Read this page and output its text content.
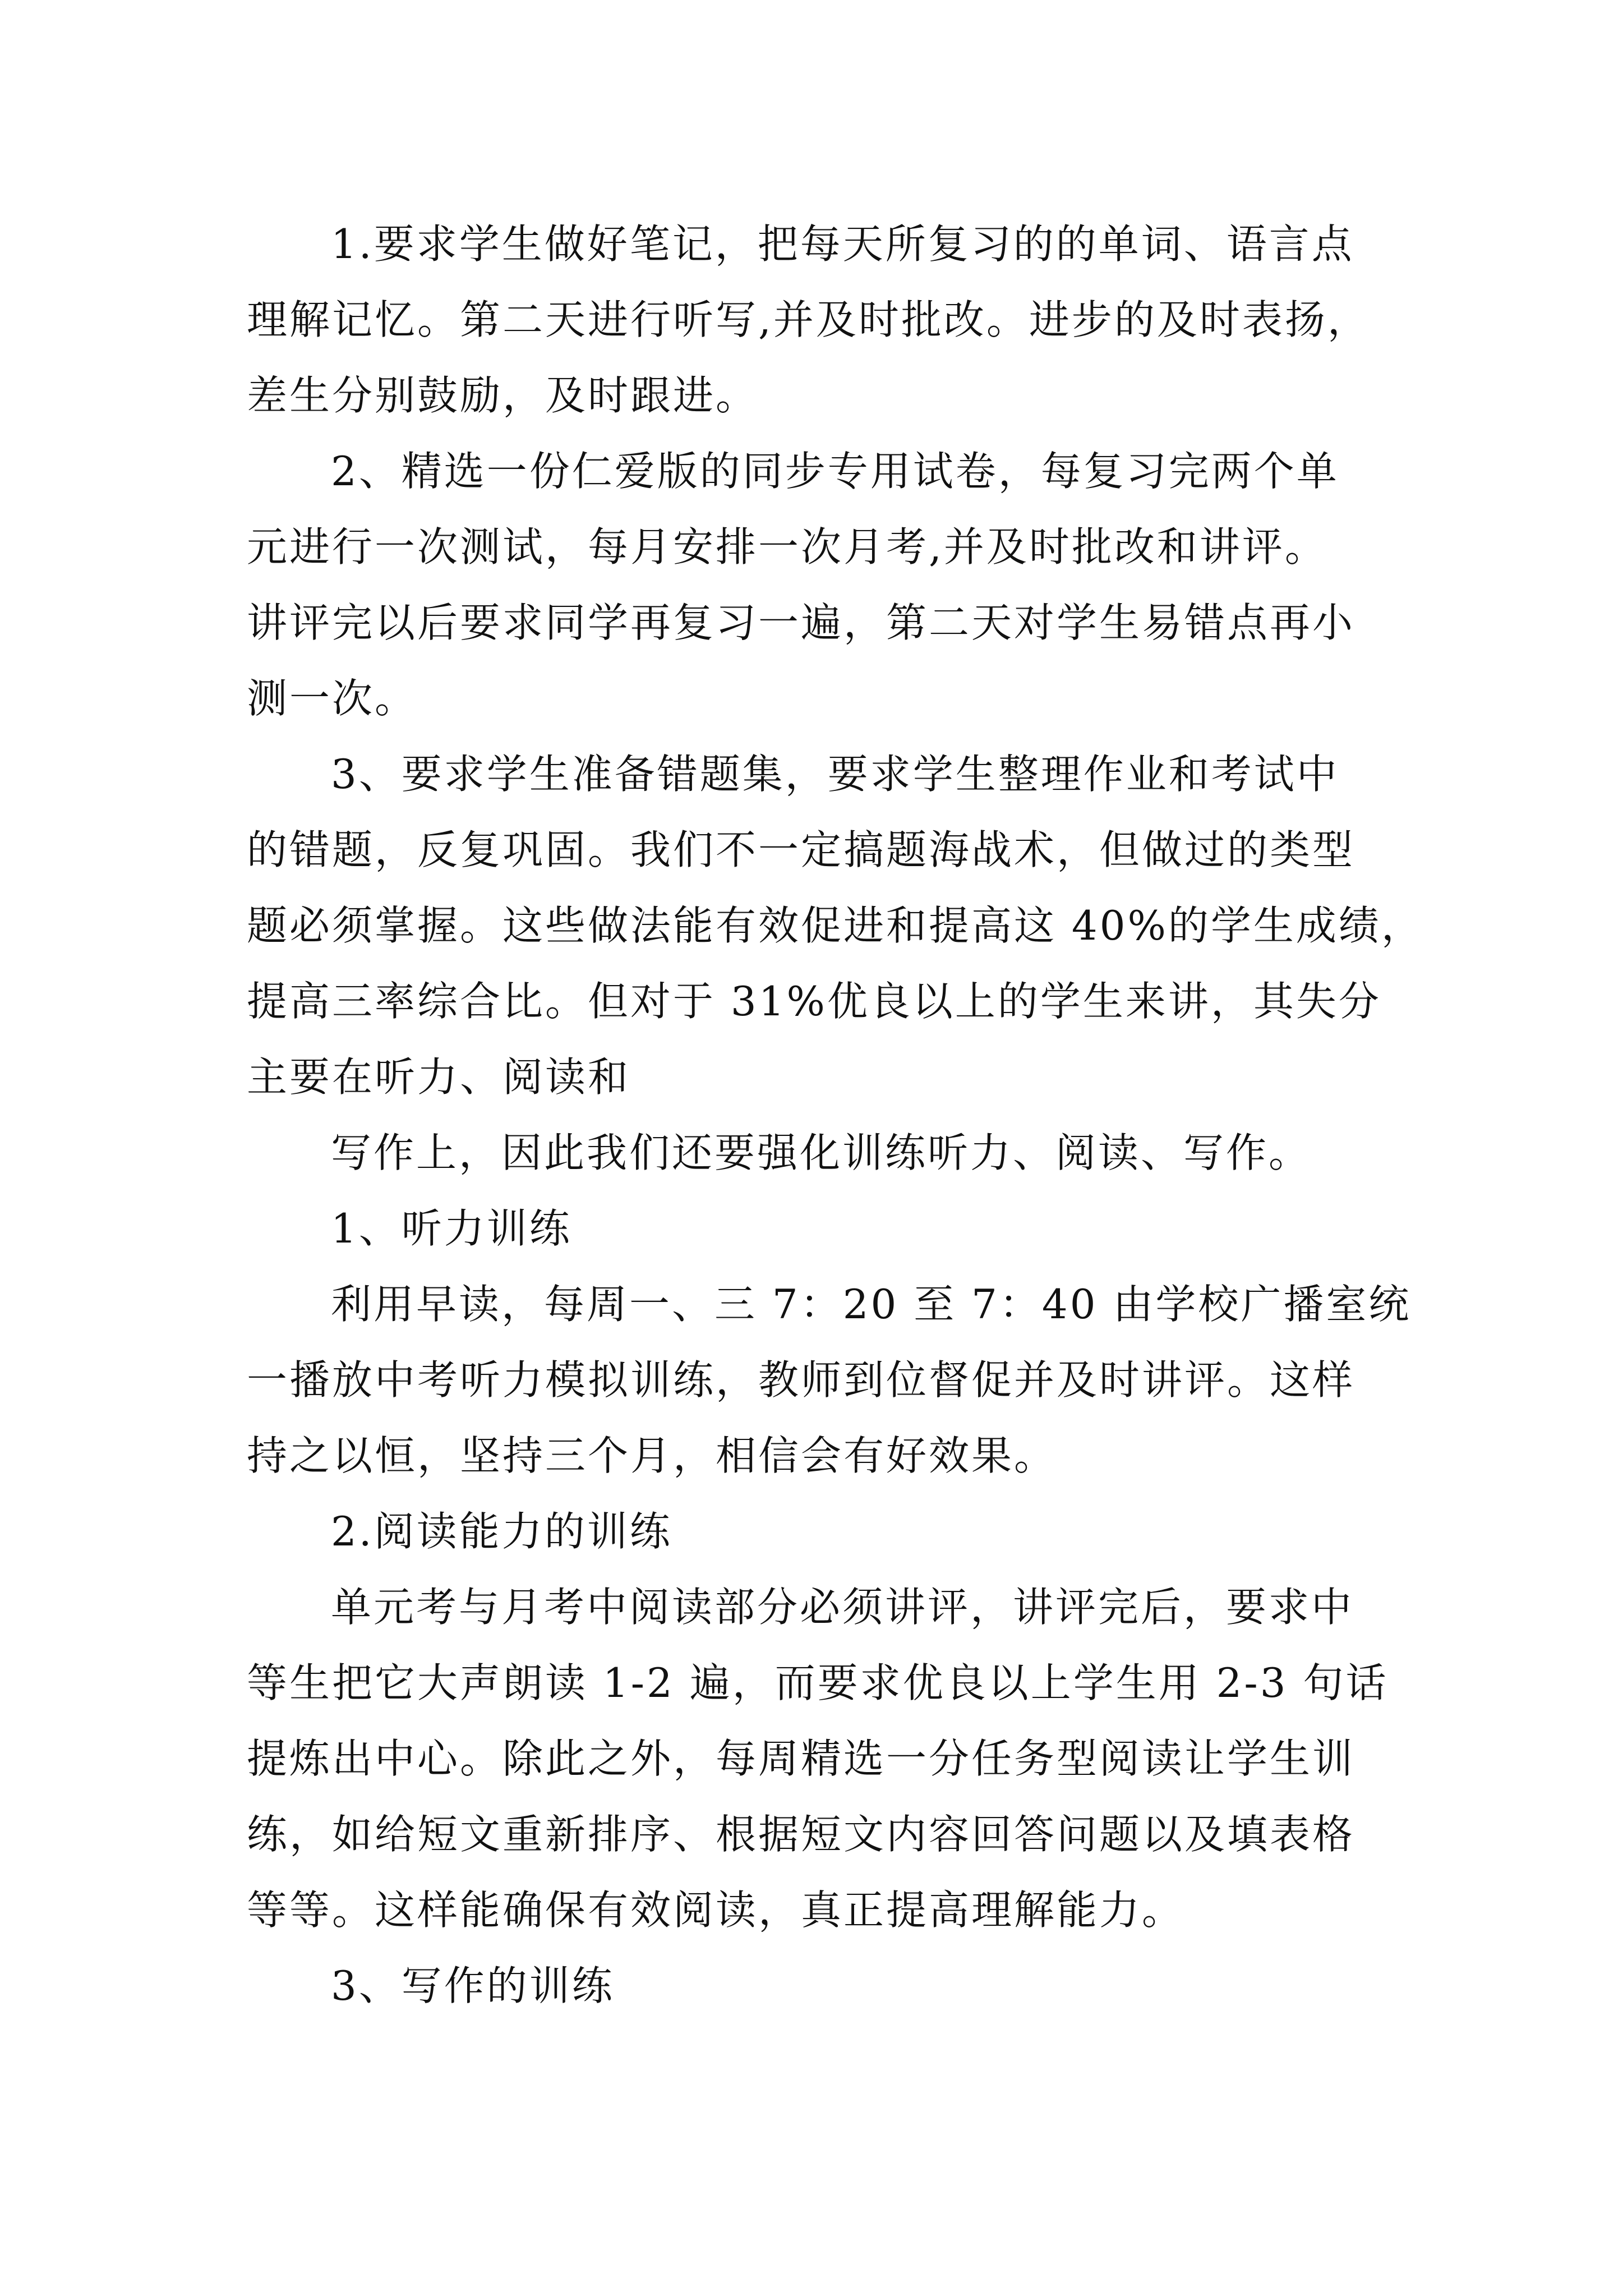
1.要求学生做好笔记，把每天所复习的的单词、语言点
理解记忆。第二天进行听写,并及时批改。进步的及时表扬，
差生分别鼓励，及时跟进。
2、精选一份仁爱版的同步专用试卷，每复习完两个单
元进行一次测试，每月安排一次月考,并及时批改和讲评。
讲评完以后要求同学再复习一遍，第二天对学生易错点再小
测一次。
3、要求学生准备错题集，要求学生整理作业和考试中
的错题，反复巩固。我们不一定搞题海战术，但做过的类型
题必须掌握。这些做法能有效促进和提高这 40%的学生成绩，
提高三率综合比。但对于 31%优良以上的学生来讲，其失分
主要在听力、阅读和
写作上，因此我们还要强化训练听力、阅读、写作。
1、听力训练
利用早读，每周一、三 7：20 至 7：40 由学校广播室统
一播放中考听力模拟训练，教师到位督促并及时讲评。这样
持之以恒，坚持三个月，相信会有好效果。
2.阅读能力的训练
单元考与月考中阅读部分必须讲评，讲评完后，要求中
等生把它大声朗读 1-2 遍，而要求优良以上学生用 2-3 句话
提炼出中心。除此之外，每周精选一分任务型阅读让学生训
练，如给短文重新排序、根据短文内容回答问题以及填表格
等等。这样能确保有效阅读，真正提高理解能力。
3、写作的训练
